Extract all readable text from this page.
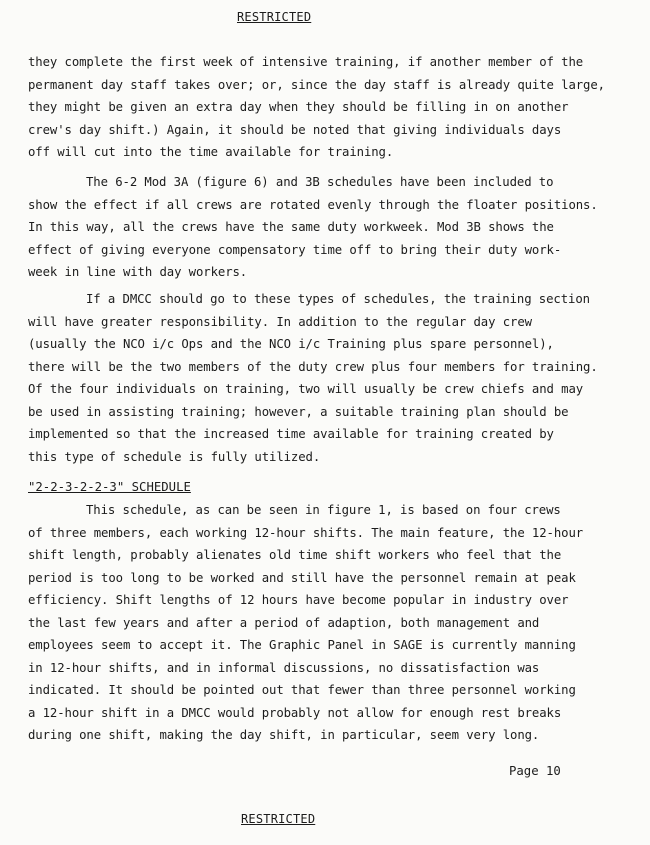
RESTRICTED
they complete the first week of intensive training, if another member of the
permanent day staff takes over; or, since the day staff is already quite large,
they might be given an extra day when they should be filling in on another
crew's day shift.) Again, it should be noted that giving individuals days
off will cut into the time available for training.
The 6-2 Mod 3A (figure 6) and 3B schedules have been included to
show the effect if all crews are rotated evenly through the floater positions.
In this way, all the crews have the same duty workweek. Mod 3B shows the
effect of giving everyone compensatory time off to bring their duty work-
week in line with day workers.
If a DMCC should go to these types of schedules, the training section
will have greater responsibility. In addition to the regular day crew
(usually the NCO i/c Ops and the NCO i/c Training plus spare personnel),
there will be the two members of the duty crew plus four members for training.
Of the four individuals on training, two will usually be crew chiefs and may
be used in assisting training; however, a suitable training plan should be
implemented so that the increased time available for training created by
this type of schedule is fully utilized.
"2-2-3-2-2-3" SCHEDULE
This schedule, as can be seen in figure 1, is based on four crews
of three members, each working 12-hour shifts. The main feature, the 12-hour
shift length, probably alienates old time shift workers who feel that the
period is too long to be worked and still have the personnel remain at peak
efficiency. Shift lengths of 12 hours have become popular in industry over
the last few years and after a period of adaption, both management and
employees seem to accept it. The Graphic Panel in SAGE is currently manning
in 12-hour shifts, and in informal discussions, no dissatisfaction was
indicated. It should be pointed out that fewer than three personnel working
a 12-hour shift in a DMCC would probably not allow for enough rest breaks
during one shift, making the day shift, in particular, seem very long.
Page 10
RESTRICTED
